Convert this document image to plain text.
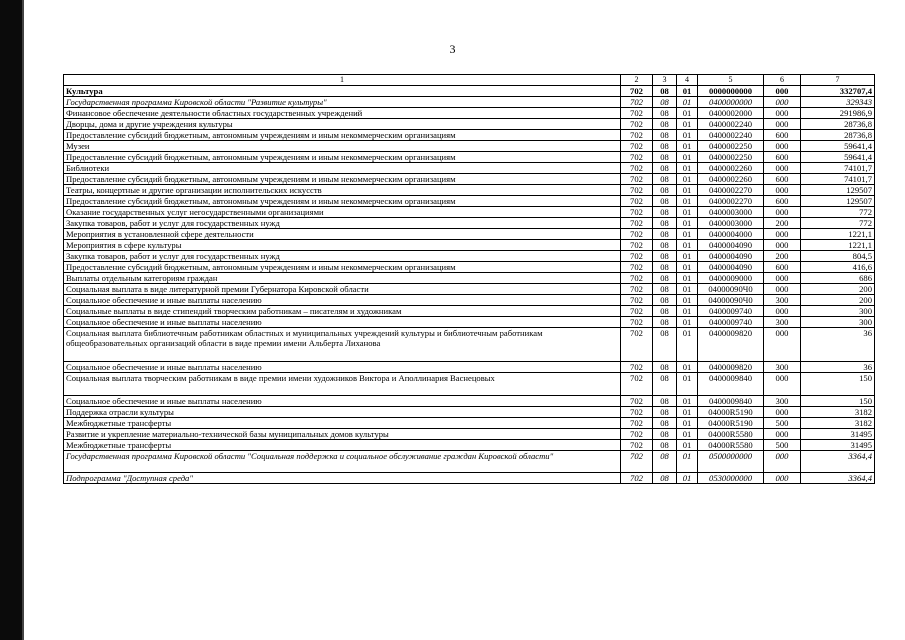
3
1	2	3	4	5	6	7
Культура	702	08	01	0000000000	000	332707,4
Государственная программа Кировской области "Развитие культуры"	702	08	01	0400000000	000	329343
Финансовое обеспечение деятельности областных государственных учреждений	702	08	01	0400002000	000	291986,9
Дворцы, дома и другие учреждения культуры	702	08	01	0400002240	000	28736,8
Предоставление субсидий бюджетным, автономным учреждениям и иным некоммерческим организациям	702	08	01	0400002240	600	28736,8
Музеи	702	08	01	0400002250	000	59641,4
Предоставление субсидий бюджетным, автономным учреждениям и иным некоммерческим организациям	702	08	01	0400002250	600	59641,4
Библиотеки	702	08	01	0400002260	000	74101,7
Предоставление субсидий бюджетным, автономным учреждениям и иным некоммерческим организациям	702	08	01	0400002260	600	74101,7
Театры, концертные и другие организации исполнительских искусств	702	08	01	0400002270	000	129507
Предоставление субсидий бюджетным, автономным учреждениям и иным некоммерческим организациям	702	08	01	0400002270	600	129507
Оказание государственных услуг негосударственными организациями	702	08	01	0400003000	000	772
Закупка товаров, работ и услуг для государственных нужд	702	08	01	0400003000	200	772
Мероприятия в установленной сфере деятельности	702	08	01	0400004000	000	1221,1
Мероприятия в сфере культуры	702	08	01	0400004090	000	1221,1
Закупка товаров, работ и услуг для государственных нужд	702	08	01	0400004090	200	804,5
Предоставление субсидий бюджетным, автономным учреждениям и иным некоммерческим организациям	702	08	01	0400004090	600	416,6
Выплаты отдельным категориям граждан	702	08	01	0400009000	000	686
Социальная выплата в виде литературной премии Губернатора Кировской области	702	08	01	04000090Ч0	000	200
Социальное обеспечение и иные выплаты населению	702	08	01	04000090Ч0	300	200
Социальные выплаты в виде стипендий творческим работникам – писателям и художникам	702	08	01	0400009740	000	300
Социальное обеспечение и иные выплаты населению	702	08	01	0400009740	300	300
Социальная выплата библиотечным работникам областных и муниципальных учреждений культуры и библиотечным работникам общеобразовательных организаций области в виде премии имени Альберта Лиханова	702	08	01	0400009820	000	36
Социальное обеспечение и иные выплаты населению	702	08	01	0400009820	300	36
Социальная выплата творческим работникам в виде премии имени художников Виктора и Аполлинария Васнецовых	702	08	01	0400009840	000	150
Социальное обеспечение и иные выплаты населению	702	08	01	0400009840	300	150
Поддержка отрасли культуры	702	08	01	04000R5190	000	3182
Межбюджетные трансферты	702	08	01	04000R5190	500	3182
Развитие и укрепление материально-технической базы муниципальных домов культуры	702	08	01	04000R5580	000	31495
Межбюджетные трансферты	702	08	01	04000R5580	500	31495
Государственная программа Кировской области "Социальная поддержка и социальное обслуживание граждан Кировской области"	702	08	01	0500000000	000	3364,4
Подпрограмма "Доступная среда"	702	08	01	0530000000	000	3364,4
